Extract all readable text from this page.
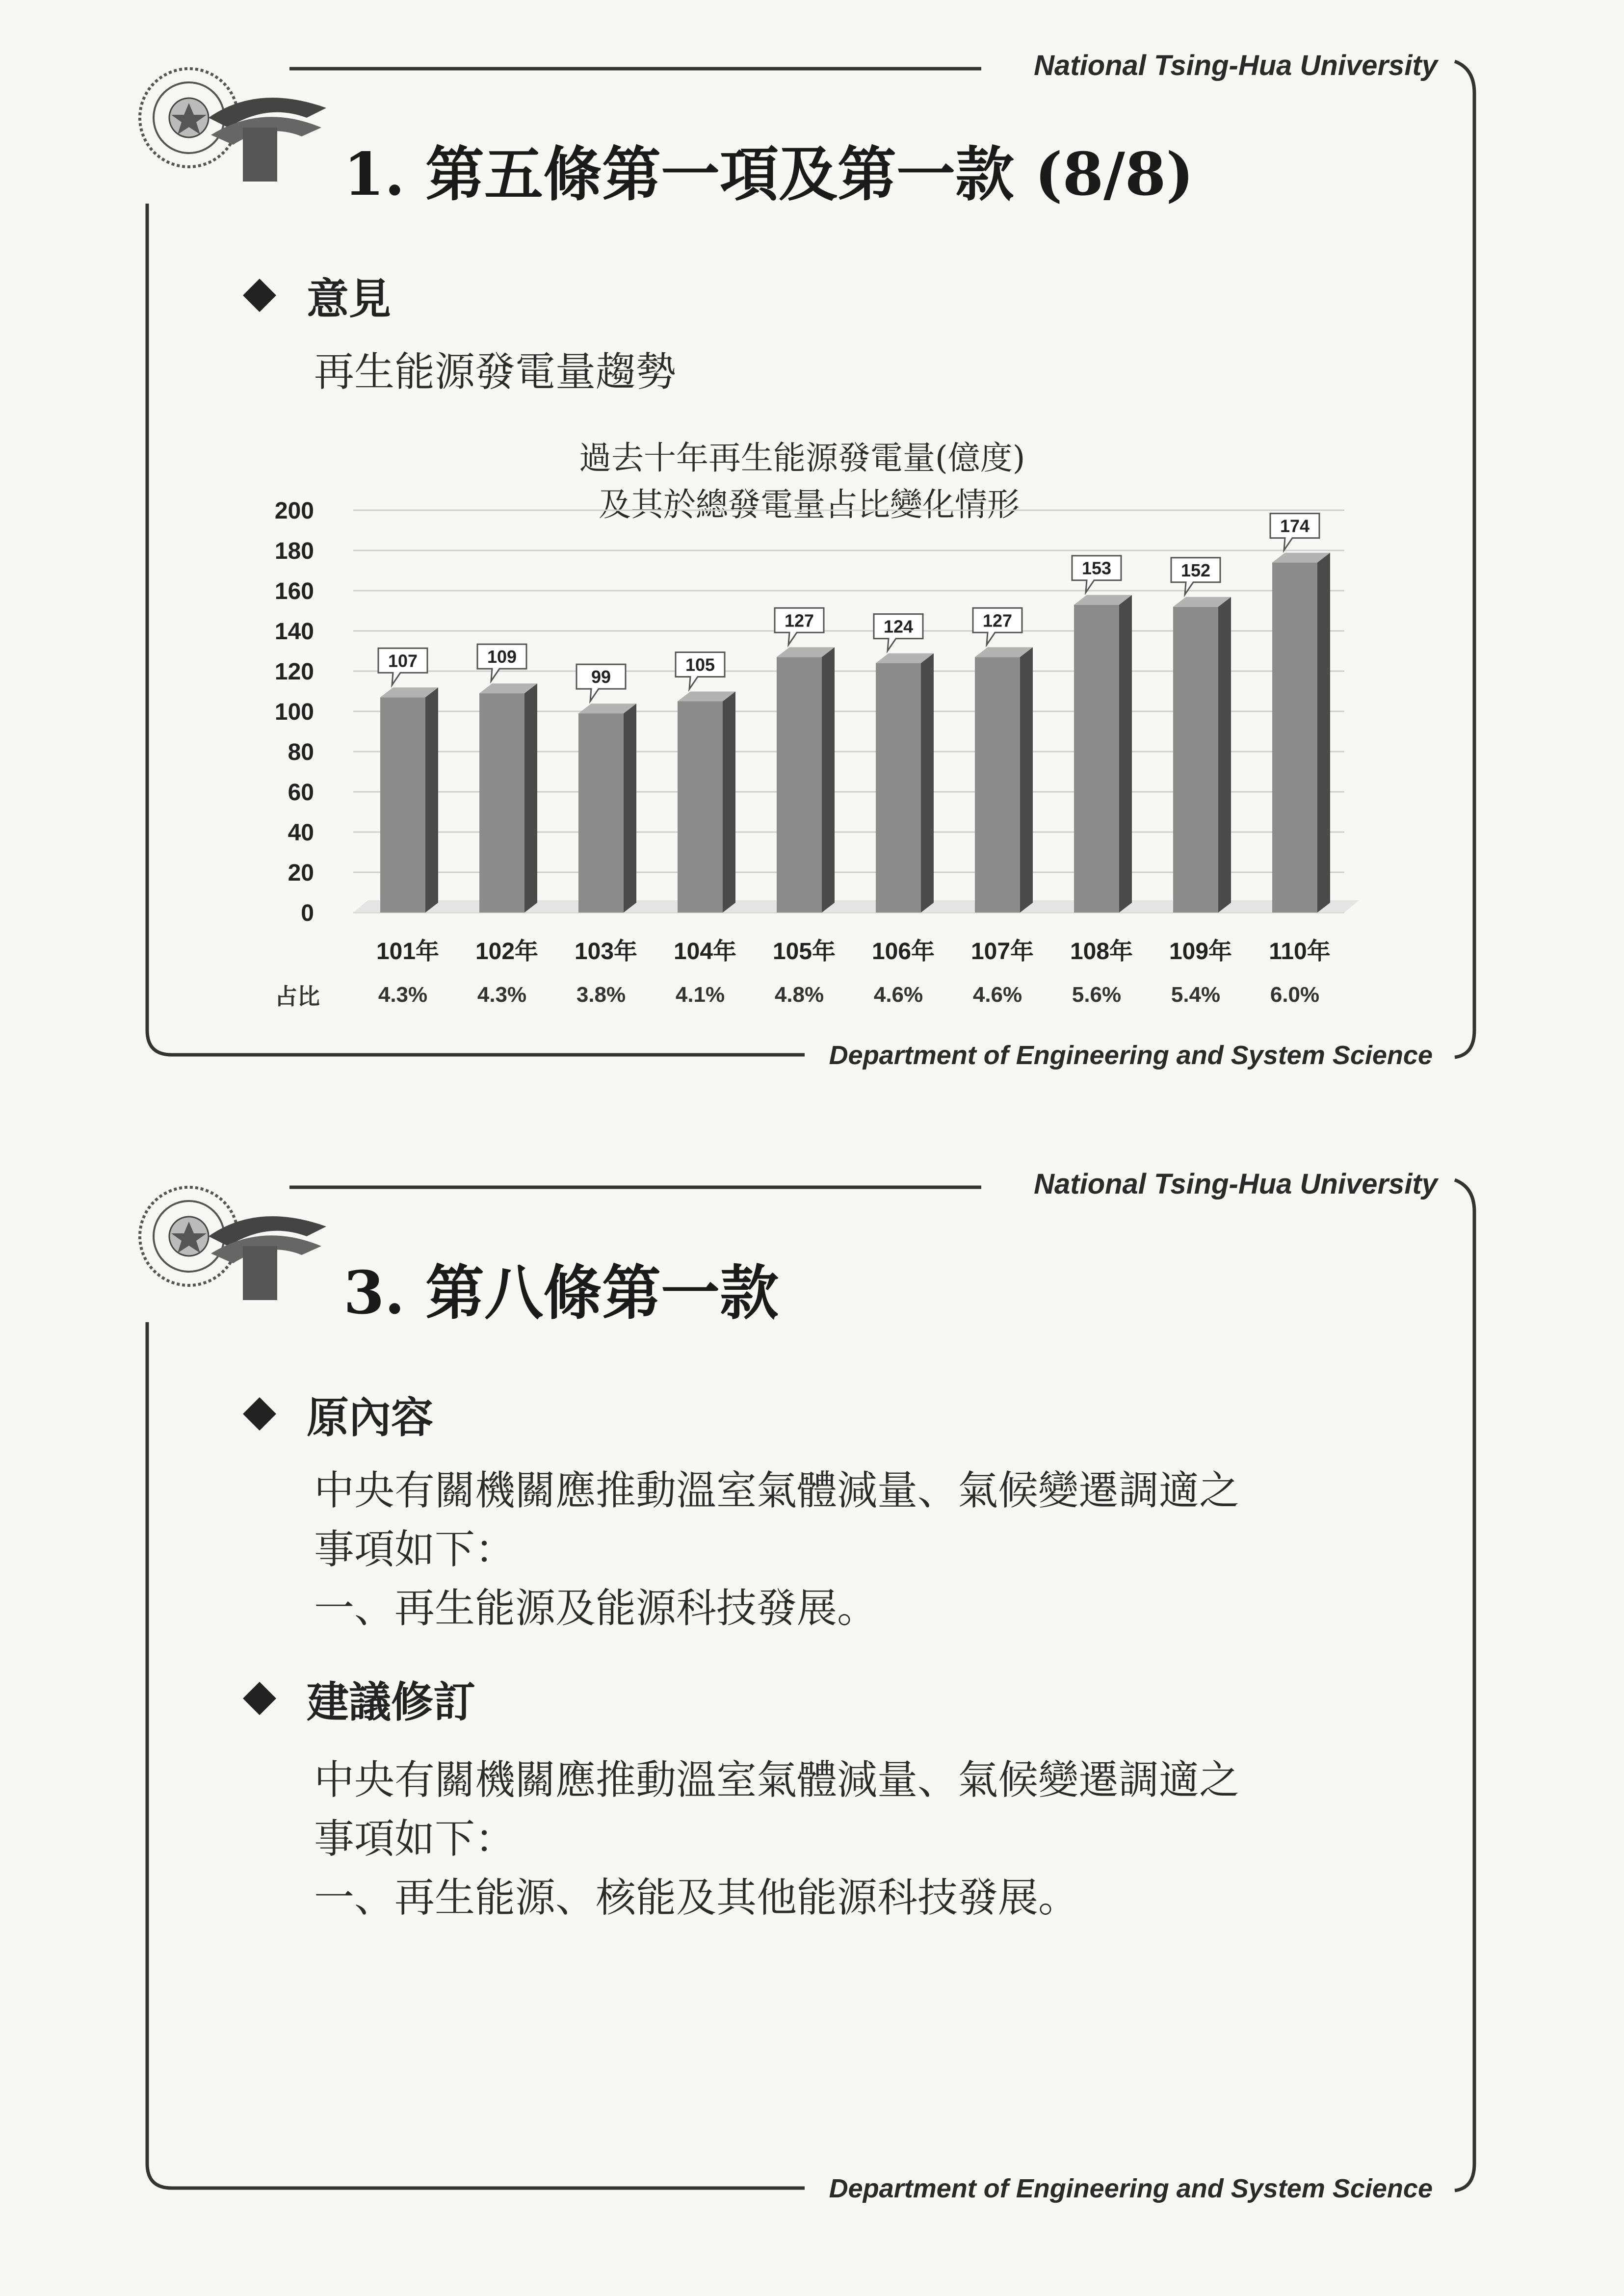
National Tsing-Hua University
Department of Engineering and System Science
1. 第五條第一項及第一款 (8/8)
意見
再生能源發電量趨勢
過去十年再生能源發電量(億度)
及其於總發電量占比變化情形
0
20
40
60
80
100
120
140
160
180
200
107	109
99
105
127	124	127
153	152
174
101年 102年 103年 104年 105年 106年 107年 108年 109年 110年
4.3% 4.3% 3.8% 4.1% 4.8% 4.6% 4.6% 5.6% 5.4% 6.0%
占比
National Tsing-Hua University
Department of Engineering and System Science
3. 第八條第一款
原內容
中央有關機關應推動溫室氣體減量、氣候變遷調適之
事項如下：
一、再生能源及能源科技發展。
建議修訂
中央有關機關應推動溫室氣體減量、氣候變遷調適之
事項如下：
一、再生能源、核能及其他能源科技發展。
